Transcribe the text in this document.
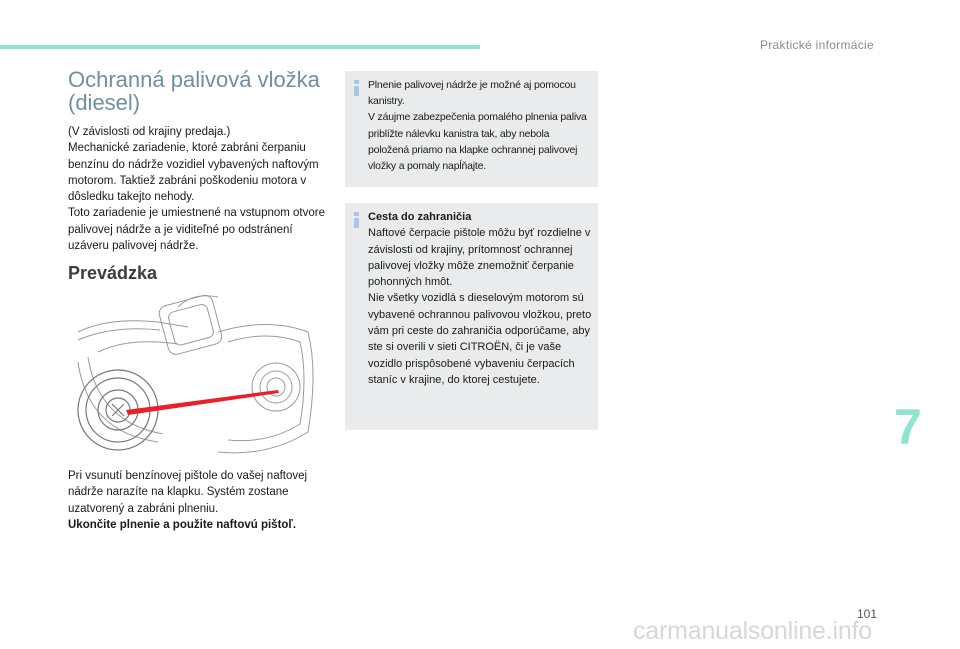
Praktické informácie
Ochranná palivová vložka
(diesel)

(V závislosti od krajiny predaja.)

Mechanické zariadenie, ktoré zabráni čerpaniu benzínu do nádrže vozidiel vybavených naftovým motorom. Taktiež zabráni poškodeniu motora v dôsledku takejto nehody.

Toto zariadenie je umiestnené na vstupnom otvore palivovej nádrže a je viditeľné po odstránení uzáveru palivovej nádrže.

Prevádzka

Pri vsunutí benzínovej pištole do vašej naftovej nádrže narazíte na klapku. Systém zostane uzatvorený a zabráni plneniu.

Ukončite plnenie a použite naftovú pištoľ.

Plnenie palivovej nádrže je možné aj pomocou kanistry.

V záujme zabezpečenia pomalého plnenia paliva priblížte nálevku kanistra tak, aby nebola položená priamo na klapke ochrannej palivovej vložky a pomaly napĺňajte.

Cesta do zahraničia

Naftové čerpacie pištole môžu byť rozdielne v závislosti od krajiny, prítomnosť ochrannej palivovej vložky môže znemožniť čerpanie pohonných hmôt.

Nie všetky vozidlá s dieselovým motorom sú vybavené ochrannou palivovou vložkou, preto vám pri ceste do zahraničia odporúčame, aby ste si overili v sieti CITROËN, či je vaše vozidlo prispôsobené vybaveniu čerpacích staníc v krajine, do ktorej cestujete.

7
101
carmanualsonline.info
